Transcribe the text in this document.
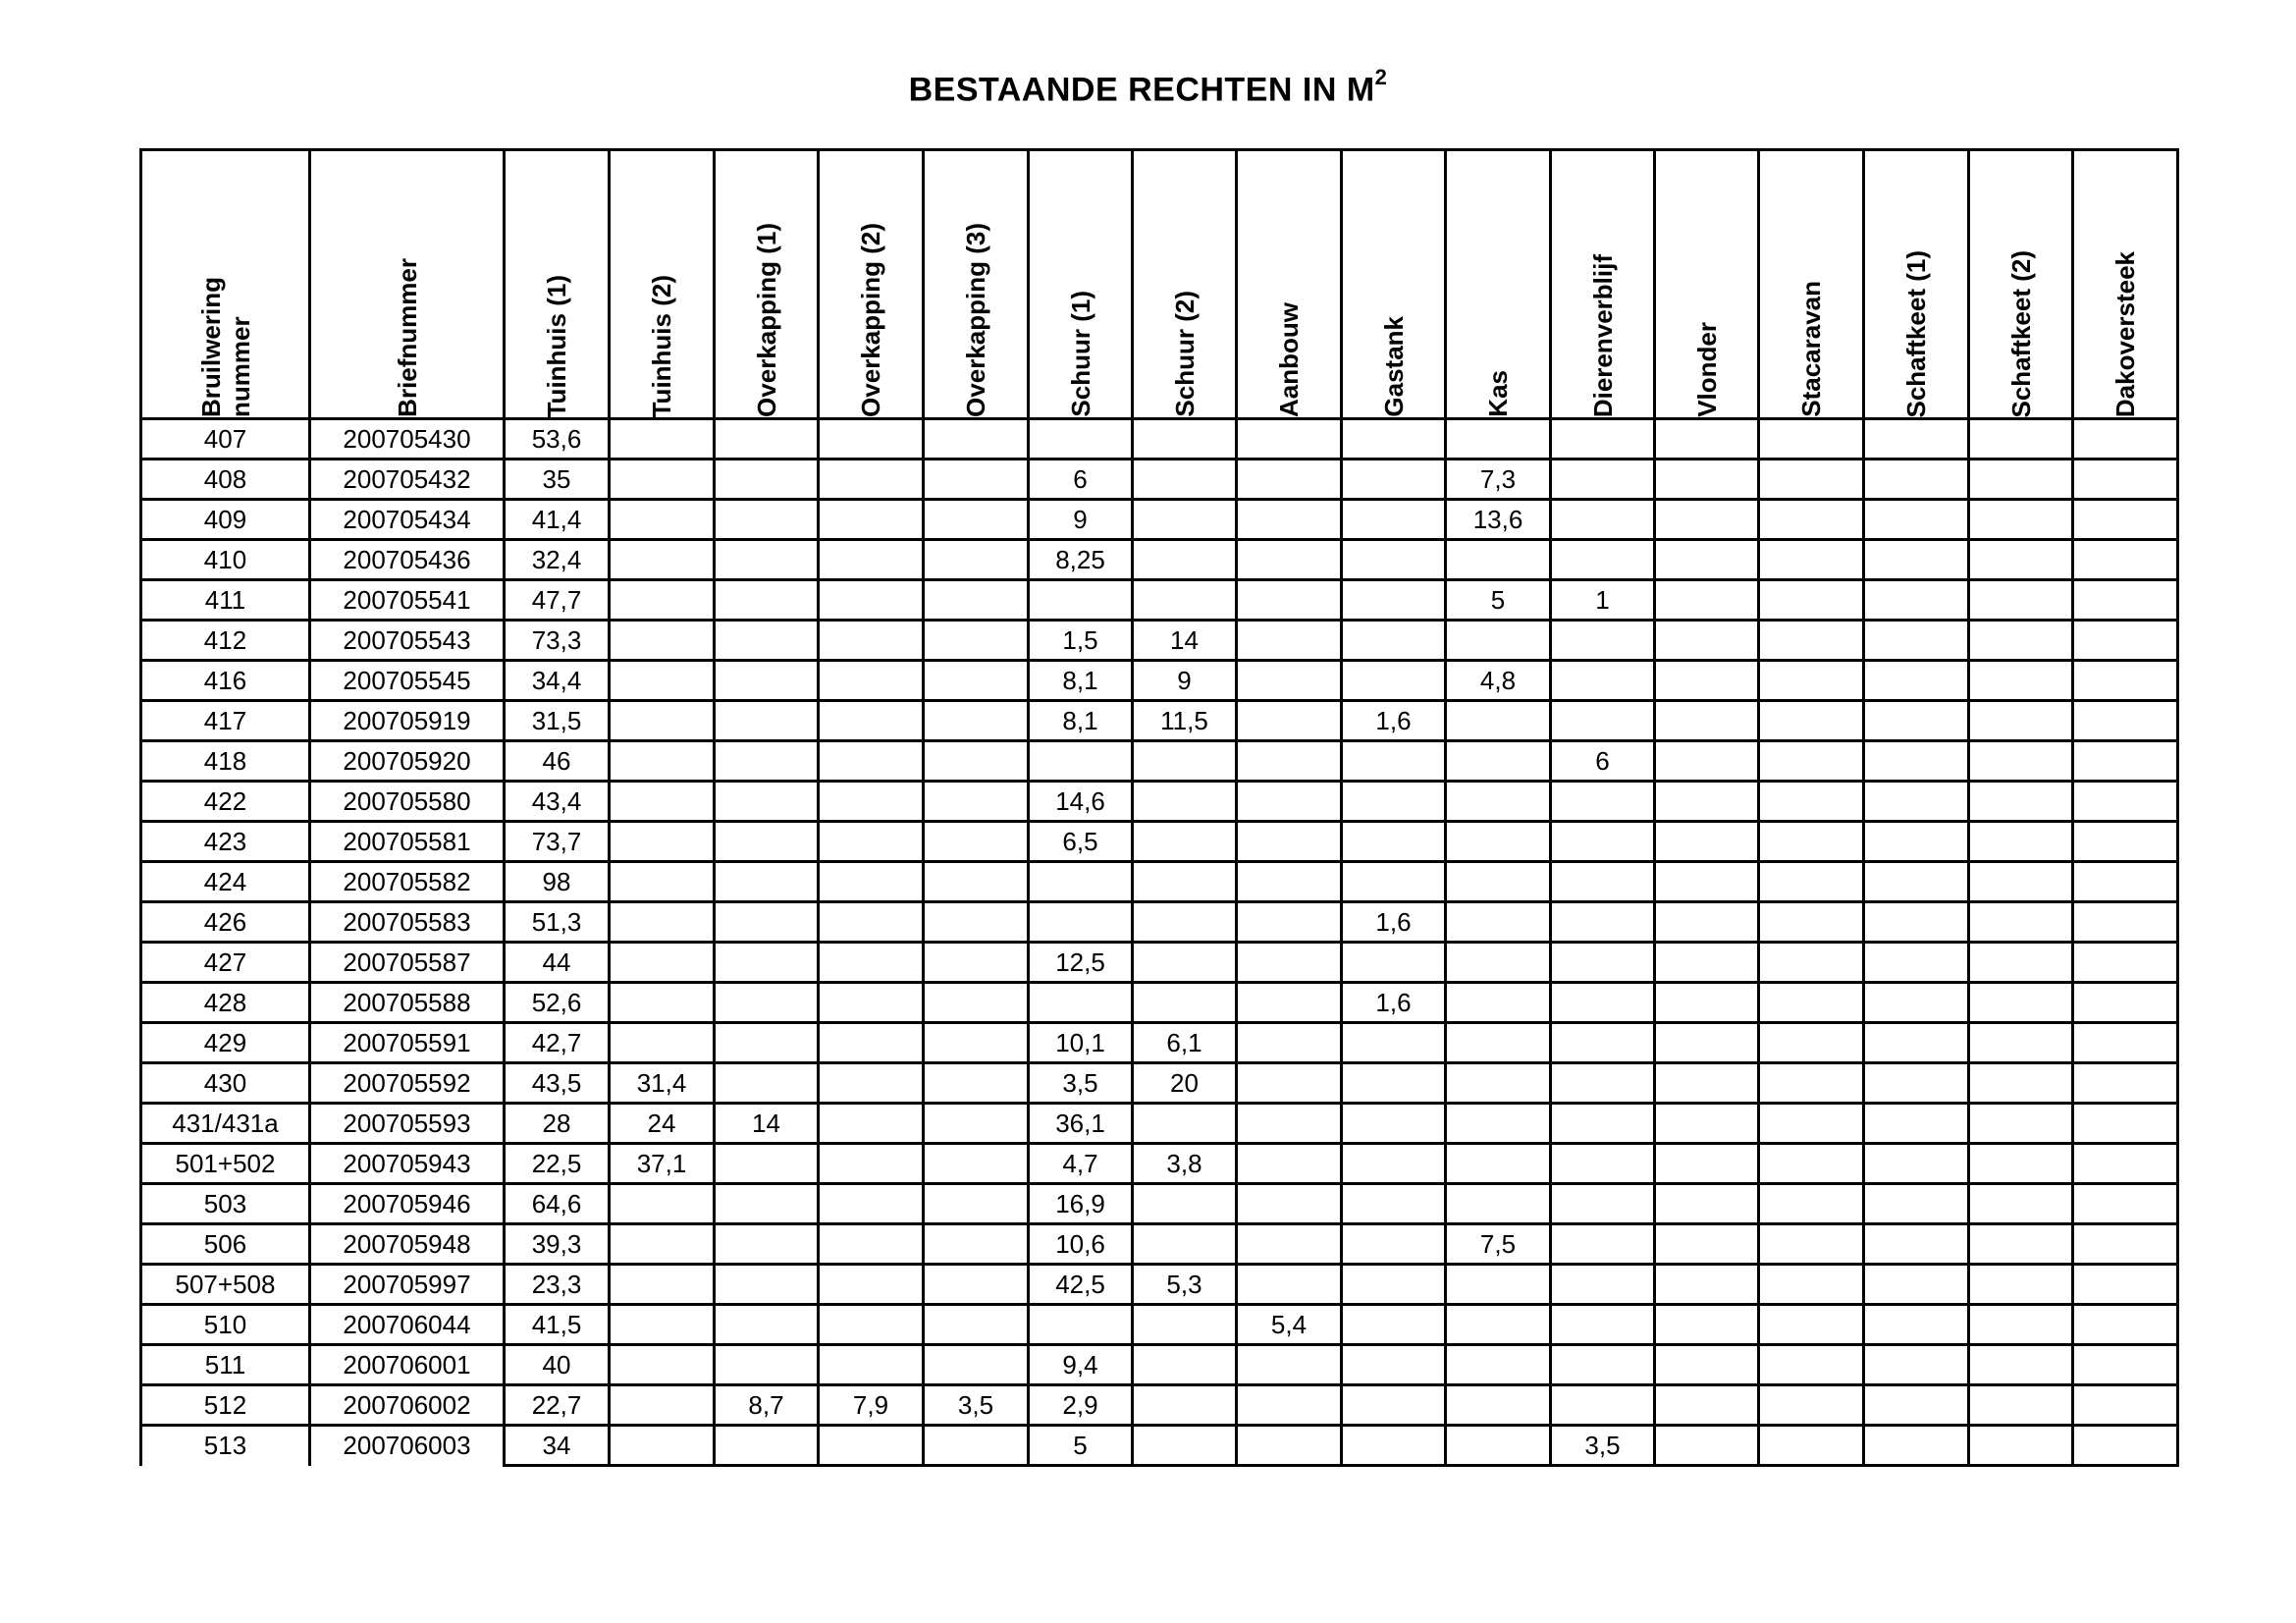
BESTAANDE RECHTEN IN $M^2$
Bruilwering
nummer	Briefnummer	Tuinhuis (1)	Tuinhuis (2)	Overkapping (1)	Overkapping (2)	Overkapping (3)	Schuur (1)	Schuur (2)	Aanbouw	Gastank	Kas	Dierenverblijf	Vlonder	Stacaravan	Schaftkeet (1)	Schaftkeet (2)	Dakoversteek

407	200705430	53,6															
408	200705432	35					6				7,3						
409	200705434	41,4					9				13,6						
410	200705436	32,4					8,25										
411	200705541	47,7									5	1					
412	200705543	73,3					1,5	14									
416	200705545	34,4					8,1	9			4,8						
417	200705919	31,5					8,1	11,5		1,6							
418	200705920	46										6					
422	200705580	43,4					14,6										
423	200705581	73,7					6,5										
424	200705582	98															
426	200705583	51,3								1,6							
427	200705587	44					12,5										
428	200705588	52,6								1,6							
429	200705591	42,7					10,1	6,1									
430	200705592	43,5	31,4				3,5	20									
431/431a	200705593	28	24	14			36,1										
501+502	200705943	22,5	37,1				4,7	3,8									
503	200705946	64,6					16,9										
506	200705948	39,3					10,6				7,5						
507+508	200705997	23,3					42,5	5,3									
510	200706044	41,5							5,4								
511	200706001	40					9,4										
512	200706002	22,7		8,7	7,9	3,5	2,9										
513	200706003	34					5					3,5					
